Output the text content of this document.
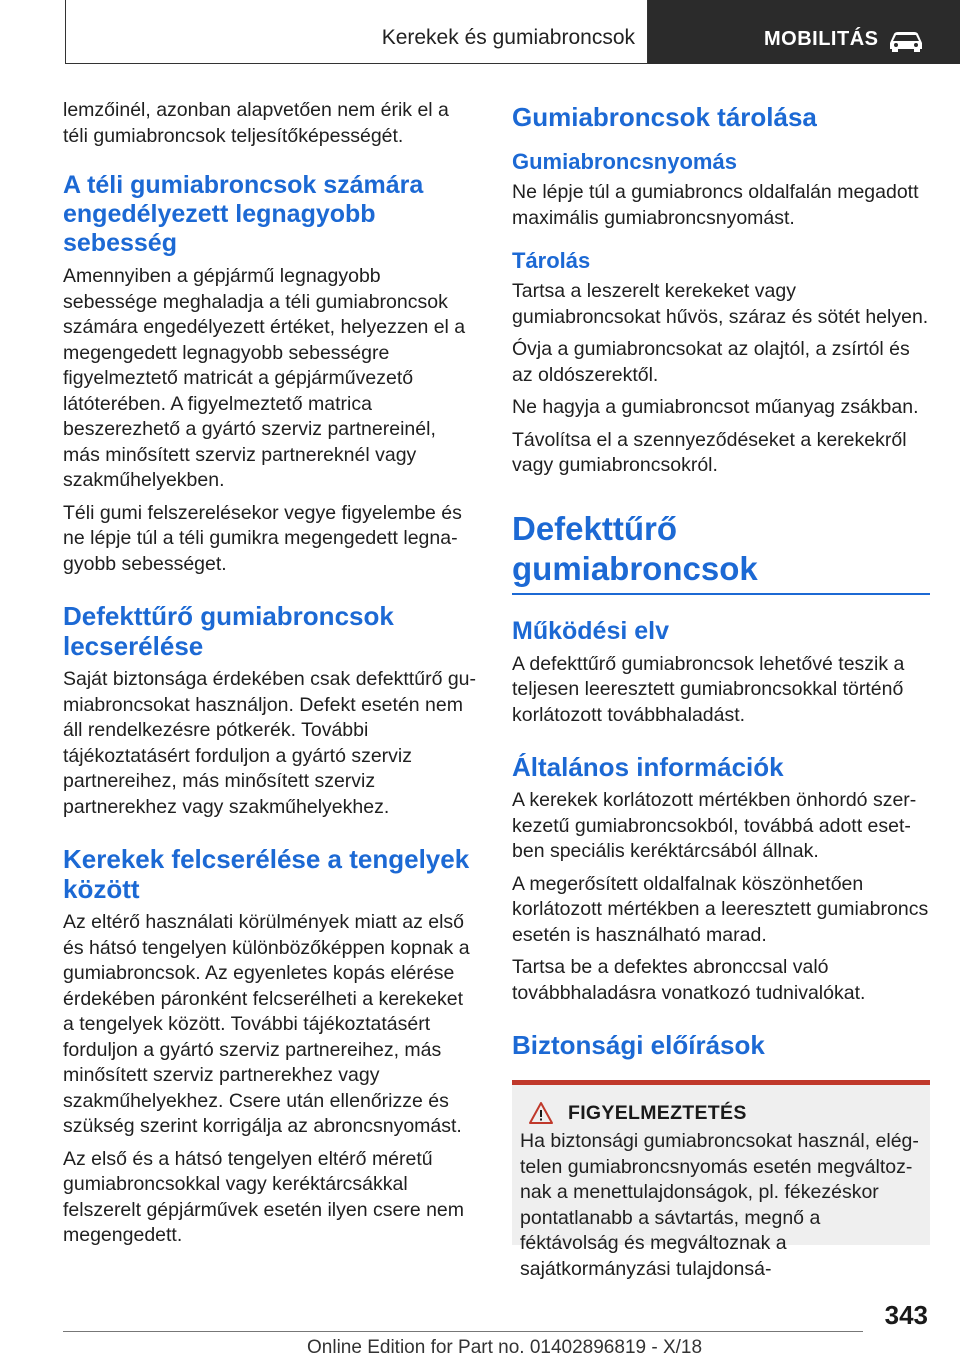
Kerekek és gumiabroncsok	MOBILITÁS

lemzőinél, azonban alapvetően nem érik el a téli gumiabroncsok teljesítőképességét.

A téli gumiabroncsok számára engedélyezett legnagyobb sebesség

Amennyiben a gépjármű legnagyobb sebessége meghaladja a téli gumiabroncsok számára engedélyezett értéket, helyezzen el a megengedett legnagyobb sebességre figyelmeztető matricát a gépjárművezető látóterében. A figyelmeztető matrica beszerezhető a gyártó szerviz partnereinél, más minősített szerviz partnereknél vagy szakműhelyekben.

Téli gumi felszerelésekor vegye figyelembe és ne lépje túl a téli gumikra megengedett legnagyobb sebességet.

Defekttűrő gumiabroncsok lecserélése

Saját biztonsága érdekében csak defekttűrő gumiabroncsokat használjon. Defekt esetén nem áll rendelkezésre pótkerék. További tájékoztatásért forduljon a gyártó szerviz partnereihez, más minősített szerviz partnerekhez vagy szakműhelyekhez.

Kerekek felcserélése a tengelyek között

Az eltérő használati körülmények miatt az első és hátsó tengelyen különbözőképpen kopnak a gumiabroncsok. Az egyenletes kopás elérése érdekében páronként felcserélheti a kerekeket a tengelyek között. További tájékoztatásért forduljon a gyártó szerviz partnereihez, más minősített szerviz partnerekhez vagy szakműhelyekhez. Csere után ellenőrizze és szükség szerint korrigálja az abroncsnyomást.

Az első és a hátsó tengelyen eltérő méretű gumiabroncsokkal vagy keréktárcsákkal felszerelt gépjárművek esetén ilyen csere nem megengedett.

Gumiabroncsok tárolása
Gumiabroncsnyomás

Ne lépje túl a gumiabroncs oldalfalán megadott maximális gumiabroncsnyomást.

Tárolás

Tartsa a leszerelt kerekeket vagy gumiabroncsokat hűvös, száraz és sötét helyen.

Óvja a gumiabroncsokat az olajtól, a zsírtól és az oldószerektől.

Ne hagyja a gumiabroncsot műanyag zsákban.

Távolítsa el a szennyeződéseket a kerekekről vagy gumiabroncsokról.

Defekttűrő gumiabroncsok
Működési elv

A defekttűrő gumiabroncsok lehetővé teszik a teljesen leeresztett gumiabroncsokkal történő korlátozott továbbhaladást.

Általános információk

A kerekek korlátozott mértékben önhordó szerkezetű gumiabroncsokból, továbbá adott esetben speciális keréktárcsából állnak.

A megerősített oldalfalnak köszönhetően korlátozott mértékben a leeresztett gumiabroncs esetén is használható marad.

Tartsa be a defektes abronccsal való továbbhaladásra vonatkozó tudnivalókat.

Biztonsági előírások
FIGYELMEZTETÉS

Ha biztonsági gumiabroncsokat használ, elégtelen gumiabroncsnyomás esetén megváltoznak a menettulajdonságok, pl. fékezéskor pontatlanabb a sávtartás, megnő a féktávolság és megváltoznak a sajátkormányzási tulajdonsá-

343
Online Edition for Part no. 01402896819 - X/18
